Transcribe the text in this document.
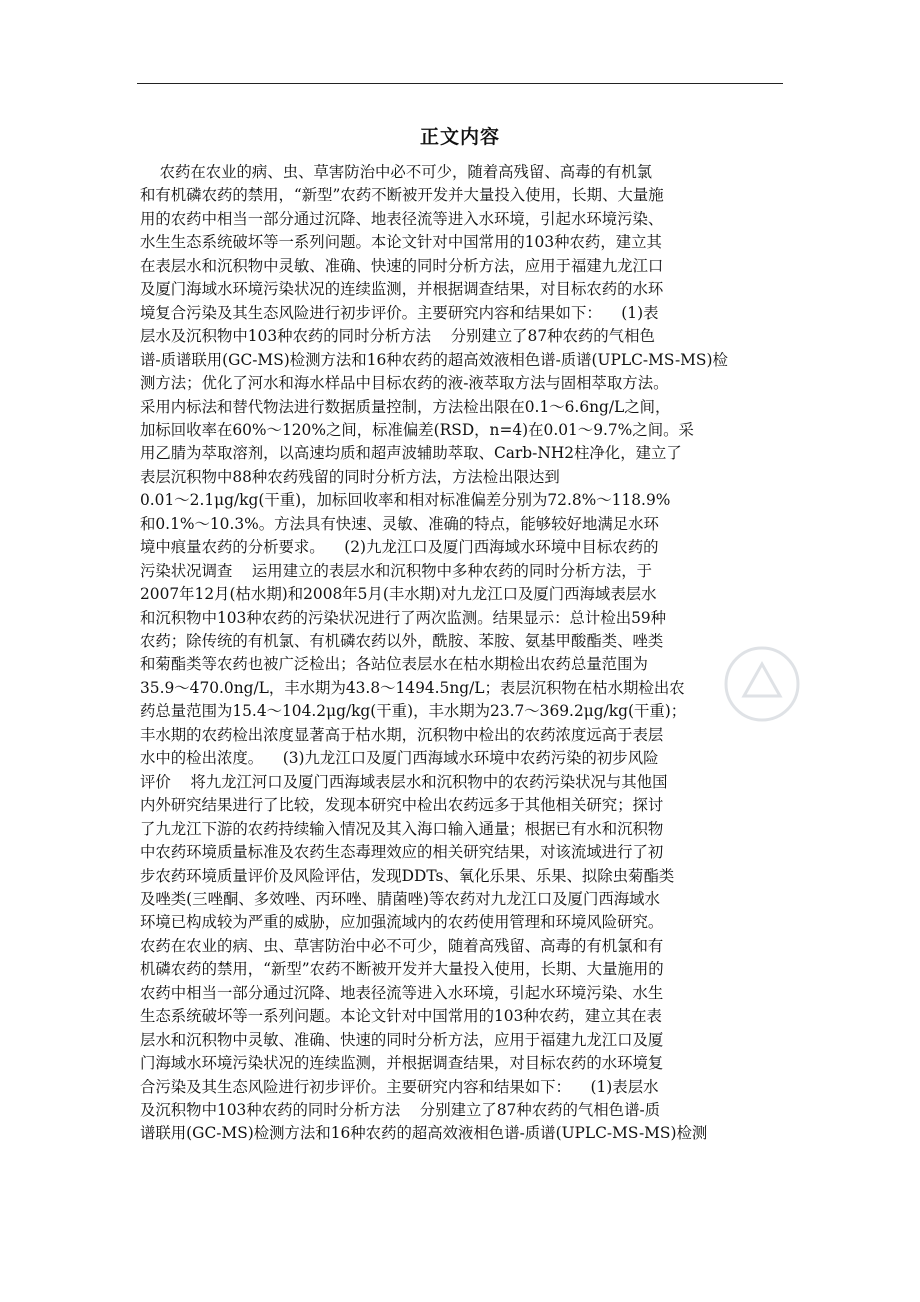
正文内容
农药在农业的病、虫、草害防治中必不可少，随着高残留、高毒的有机氯
和有机磷农药的禁用，“新型”农药不断被开发并大量投入使用，长期、大量施
用的农药中相当一部分通过沉降、地表径流等进入水环境，引起水环境污染、
水生生态系统破坏等一系列问题。本论文针对中国常用的103种农药，建立其
在表层水和沉积物中灵敏、准确、快速的同时分析方法，应用于福建九龙江口
及厦门海域水环境污染状况的连续监测，并根据调查结果，对目标农药的水环
境复合污染及其生态风险进行初步评价。主要研究内容和结果如下：    (1)表
层水及沉积物中103种农药的同时分析方法    分别建立了87种农药的气相色
谱-质谱联用(GC-MS)检测方法和16种农药的超高效液相色谱-质谱(UPLC-MS-MS)检
测方法；优化了河水和海水样品中目标农药的液-液萃取方法与固相萃取方法。
采用内标法和替代物法进行数据质量控制，方法检出限在0.1～6.6ng/L之间，
加标回收率在60%～120%之间，标准偏差(RSD，n=4)在0.01～9.7%之间。采
用乙腈为萃取溶剂，以高速均质和超声波辅助萃取、Carb-NH2柱净化，建立了
表层沉积物中88种农药残留的同时分析方法，方法检出限达到
0.01～2.1μg/kg(干重)，加标回收率和相对标准偏差分别为72.8%～118.9%
和0.1%～10.3%。方法具有快速、灵敏、准确的特点，能够较好地满足水环
境中痕量农药的分析要求。    (2)九龙江口及厦门西海域水环境中目标农药的
污染状况调查    运用建立的表层水和沉积物中多种农药的同时分析方法，于
2007年12月(枯水期)和2008年5月(丰水期)对九龙江口及厦门西海域表层水
和沉积物中103种农药的污染状况进行了两次监测。结果显示：总计检出59种
农药；除传统的有机氯、有机磷农药以外，酰胺、苯胺、氨基甲酸酯类、唑类
和菊酯类等农药也被广泛检出；各站位表层水在枯水期检出农药总量范围为
35.9～470.0ng/L，丰水期为43.8～1494.5ng/L；表层沉积物在枯水期检出农
药总量范围为15.4～104.2μg/kg(干重)，丰水期为23.7～369.2μg/kg(干重)；
丰水期的农药检出浓度显著高于枯水期，沉积物中检出的农药浓度远高于表层
水中的检出浓度。    (3)九龙江口及厦门西海域水环境中农药污染的初步风险
评价    将九龙江河口及厦门西海域表层水和沉积物中的农药污染状况与其他国
内外研究结果进行了比较，发现本研究中检出农药远多于其他相关研究；探讨
了九龙江下游的农药持续输入情况及其入海口输入通量；根据已有水和沉积物
中农药环境质量标准及农药生态毒理效应的相关研究结果，对该流域进行了初
步农药环境质量评价及风险评估，发现DDTs、氧化乐果、乐果、拟除虫菊酯类
及唑类(三唑酮、多效唑、丙环唑、腈菌唑)等农药对九龙江口及厦门西海域水
环境已构成较为严重的威胁，应加强流域内的农药使用管理和环境风险研究。
农药在农业的病、虫、草害防治中必不可少，随着高残留、高毒的有机氯和有
机磷农药的禁用，“新型”农药不断被开发并大量投入使用，长期、大量施用的
农药中相当一部分通过沉降、地表径流等进入水环境，引起水环境污染、水生
生态系统破坏等一系列问题。本论文针对中国常用的103种农药，建立其在表
层水和沉积物中灵敏、准确、快速的同时分析方法，应用于福建九龙江口及厦
门海域水环境污染状况的连续监测，并根据调查结果，对目标农药的水环境复
合污染及其生态风险进行初步评价。主要研究内容和结果如下：    (1)表层水
及沉积物中103种农药的同时分析方法    分别建立了87种农药的气相色谱-质
谱联用(GC-MS)检测方法和16种农药的超高效液相色谱-质谱(UPLC-MS-MS)检测
